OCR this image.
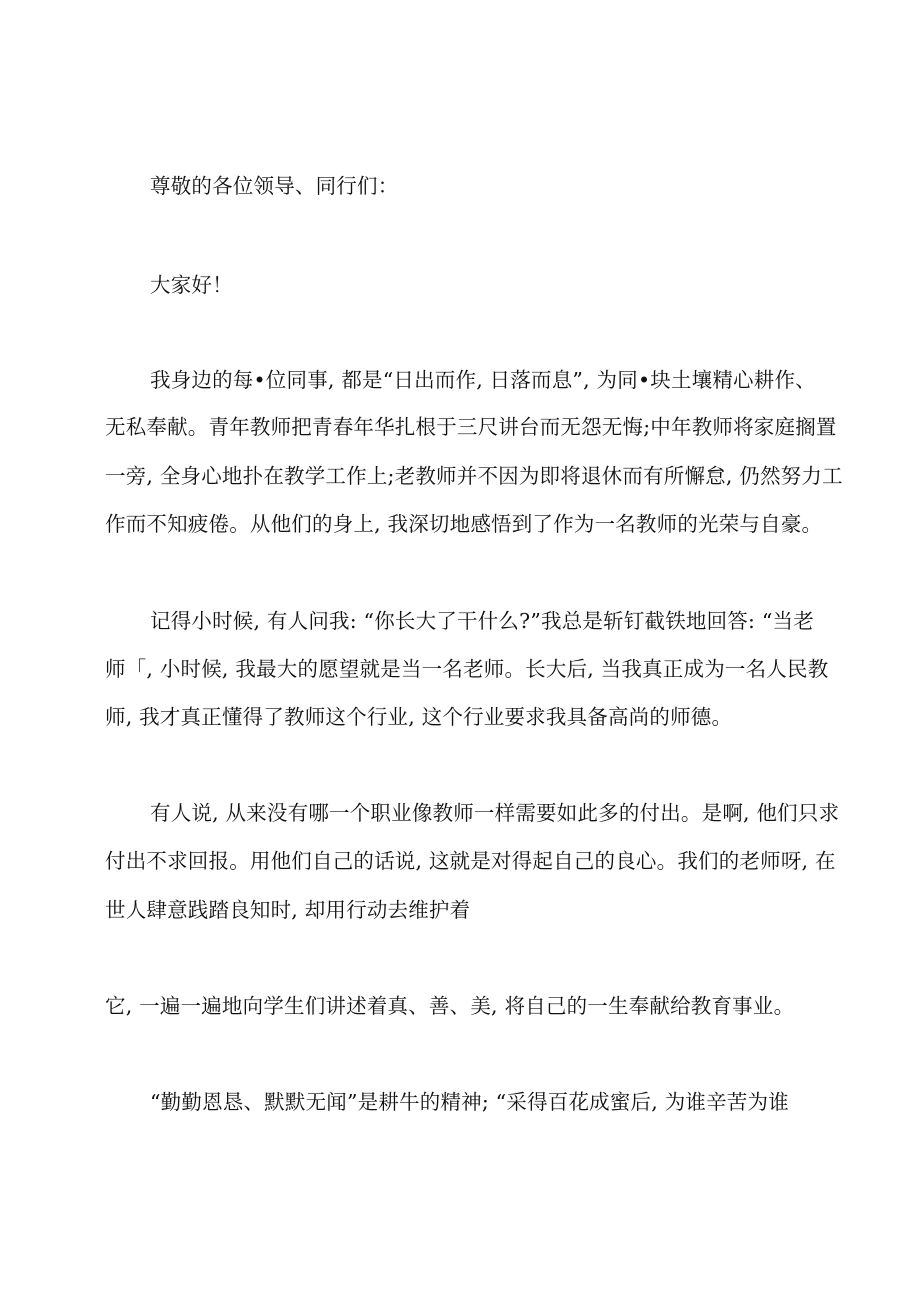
尊敬的各位领导、同行们：
大家好！
我身边的每•位同事, 都是“日出而作, 日落而息”, 为同•块土壤精心耕作、
无私奉献。青年教师把青春年华扎根于三尺讲台而无怨无悔;中年教师将家庭搁置
一旁, 全身心地扑在教学工作上;老教师并不因为即将退休而有所懈怠, 仍然努力工
作而不知疲倦。从他们的身上, 我深切地感悟到了作为一名教师的光荣与自豪。
记得小时候, 有人问我: “你长大了干什么?”我总是斩钉截铁地回答: “当老
师「, 小时候, 我最大的愿望就是当一名老师。长大后, 当我真正成为一名人民教
师, 我才真正懂得了教师这个行业, 这个行业要求我具备高尚的师德。
有人说, 从来没有哪一个职业像教师一样需要如此多的付出。是啊, 他们只求
付出不求回报。用他们自己的话说, 这就是对得起自己的良心。我们的老师呀, 在
世人肆意践踏良知时, 却用行动去维护着
它, 一遍一遍地向学生们讲述着真、善、美, 将自己的一生奉献给教育事业。
“勤勤恩恳、默默无闻”是耕牛的精神; “采得百花成蜜后, 为谁辛苦为谁
